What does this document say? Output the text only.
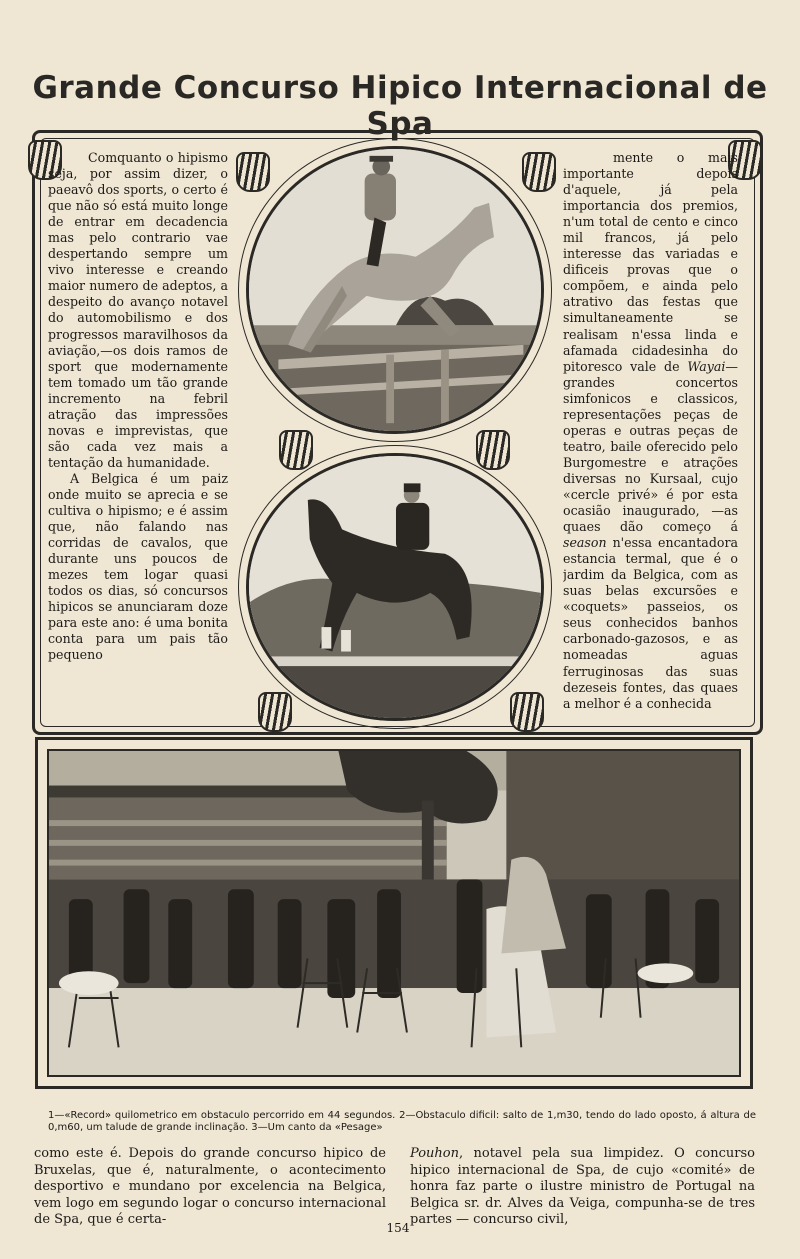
Grande Concurso Hipico Internacional de Spa

Comquanto o hipismo seja, por assim dizer, o paeavô dos sports, o certo é que não só está muito longe de entrar em decadencia mas pelo contrario vae despertando sempre um vivo interesse e creando maior numero de adeptos, a despeito do avanço notavel do automobilismo e dos progressos maravilhosos da aviação,—os dois ramos de sport que modernamente tem tomado um tão grande incremento na febril atração das impressões novas e imprevistas, que são cada vez mais a tentação da humanidade.

A Belgica é um paiz onde muito se aprecia e se cultiva o hipismo; e é assim que, não falando nas corridas de cavalos, que durante uns poucos de mezes tem logar quasi todos os dias, só concursos hipicos se anunciaram doze para este ano: é uma bonita conta para um pais tão pequeno

mente o mais importante depois d'aquele, já pela importancia dos premios, n'um total de cento e cinco mil francos, já pelo interesse das variadas e dificeis provas que o compõem, e ainda pelo atrativo das festas que simultaneamente se realisam n'essa linda e afamada cidadesinha do pitoresco vale de Wayai—grandes concertos simfonicos e classicos, representações peças de operas e outras peças de teatro, baile oferecido pelo Burgomestre e atrações diversas no Kursaal, cujo «cercle privé» é por esta ocasião inaugurado, —as quaes dão começo á season n'essa encantadora estancia termal, que é o jardim da Belgica, com as suas belas excursões e «coquets» passeios, os seus conhecidos banhos carbonado-gazosos, e as nomeadas aguas ferruginosas das suas dezeseis fontes, das quaes a melhor é a conhecida

1—«Record» quilometrico em obstaculo percorrido em 44 segundos. 2—Obstaculo dificil: salto de 1,m30, tendo do lado oposto, á altura de 0,m60, um talude de grande inclinação. 3—Um canto da «Pesage»
como este é. Depois do grande concurso hipico de Bruxelas, que é, naturalmente, o acontecimento desportivo e mundano por excelencia na Belgica, vem logo em segundo logar o concurso internacional de Spa, que é certa-
Pouhon, notavel pela sua limpidez. O concurso hipico internacional de Spa, de cujo «comité» de honra faz parte o ilustre ministro de Portugal na Belgica sr. dr. Alves da Veiga, compunha-se de tres partes — concurso civil,
154
